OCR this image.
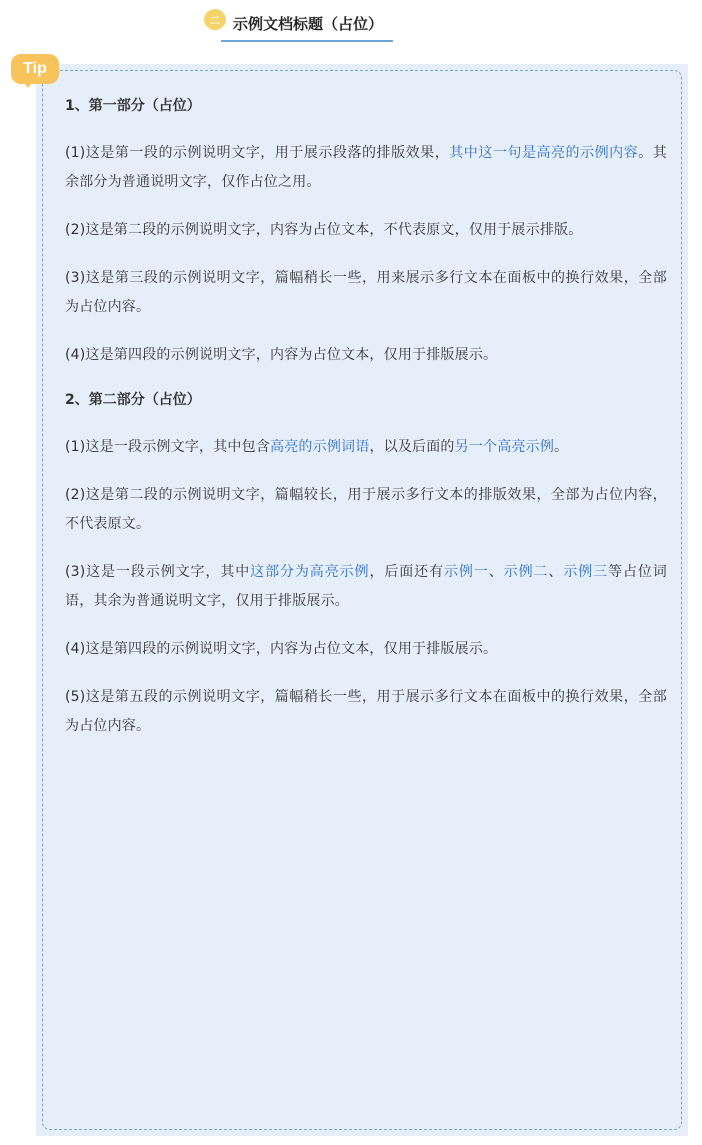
二 示例文档标题（占位）
Tip
1、第一部分（占位）

(1)这是第一段的示例说明文字，用于展示段落的排版效果，其中这一句是高亮的示例内容。其余部分为普通说明文字，仅作占位之用。

(2)这是第二段的示例说明文字，内容为占位文本，不代表原文，仅用于展示排版。

(3)这是第三段的示例说明文字，篇幅稍长一些，用来展示多行文本在面板中的换行效果，全部为占位内容。

(4)这是第四段的示例说明文字，内容为占位文本，仅用于排版展示。

2、第二部分（占位）

(1)这是一段示例文字，其中包含高亮的示例词语，以及后面的另一个高亮示例。

(2)这是第二段的示例说明文字，篇幅较长，用于展示多行文本的排版效果，全部为占位内容，不代表原文。

(3)这是一段示例文字，其中这部分为高亮示例，后面还有示例一、示例二、示例三等占位词语，其余为普通说明文字，仅用于排版展示。

(4)这是第四段的示例说明文字，内容为占位文本，仅用于排版展示。

(5)这是第五段的示例说明文字，篇幅稍长一些，用于展示多行文本在面板中的换行效果，全部为占位内容。
